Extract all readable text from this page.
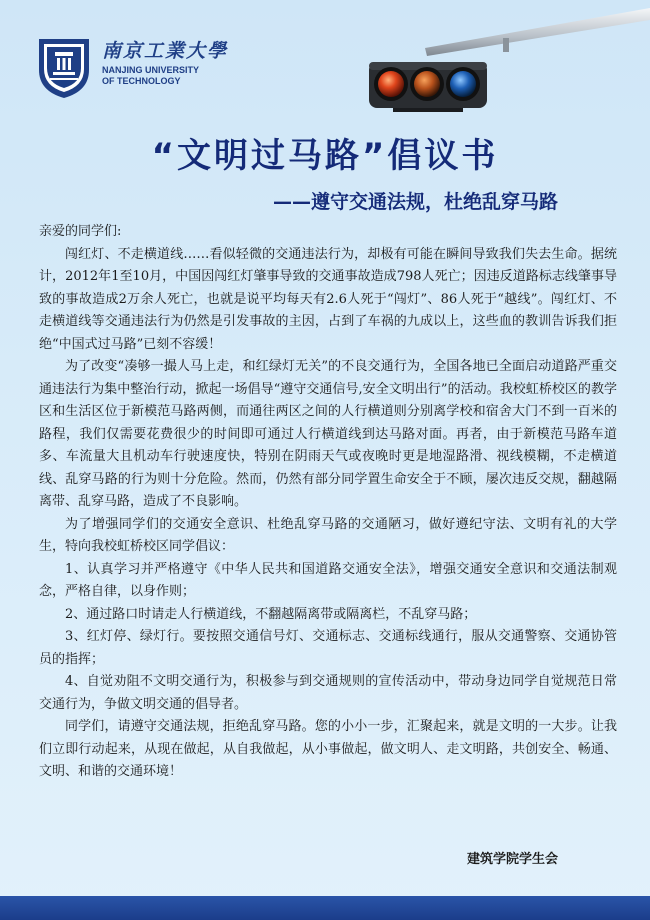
南京工業大學
NANJING UNIVERSITY
OF TECHNOLOGY
“文明过马路”倡议书
——遵守交通法规，杜绝乱穿马路

亲爱的同学们:

闯红灯、不走横道线……看似轻微的交通违法行为，却极有可能在瞬间导致我们失去生命。据统计，2012年1至10月，中国因闯红灯肇事导致的交通事故造成798人死亡；因违反道路标志线肇事导致的事故造成2万余人死亡，也就是说平均每天有2.6人死于“闯灯”、86人死于“越线”。闯红灯、不走横道线等交通违法行为仍然是引发事故的主因，占到了车祸的九成以上，这些血的教训告诉我们拒绝“中国式过马路”已刻不容缓！

为了改变“凑够一撮人马上走，和红绿灯无关”的不良交通行为，全国各地已全面启动道路严重交通违法行为集中整治行动，掀起一场倡导“遵守交通信号,安全文明出行”的活动。我校虹桥校区的教学区和生活区位于新模范马路两侧，而通往两区之间的人行横道则分别离学校和宿舍大门不到一百米的路程，我们仅需要花费很少的时间即可通过人行横道线到达马路对面。再者，由于新模范马路车道多、车流量大且机动车行驶速度快，特别在阴雨天气或夜晚时更是地湿路滑、视线模糊，不走横道线、乱穿马路的行为则十分危险。然而，仍然有部分同学置生命安全于不顾，屡次违反交规，翻越隔离带、乱穿马路，造成了不良影响。

为了增强同学们的交通安全意识、杜绝乱穿马路的交通陋习，做好遵纪守法、文明有礼的大学生，特向我校虹桥校区同学倡议：

1、认真学习并严格遵守《中华人民共和国道路交通安全法》，增强交通安全意识和交通法制观念，严格自律，以身作则；

2、通过路口时请走人行横道线，不翻越隔离带或隔离栏，不乱穿马路；

3、红灯停、绿灯行。要按照交通信号灯、交通标志、交通标线通行，服从交通警察、交通协管员的指挥；

4、自觉劝阻不文明交通行为，积极参与到交通规则的宣传活动中，带动身边同学自觉规范日常交通行为，争做文明交通的倡导者。

同学们，请遵守交通法规，拒绝乱穿马路。您的小小一步，汇聚起来，就是文明的一大步。让我们立即行动起来，从现在做起，从自我做起，从小事做起，做文明人、走文明路，共创安全、畅通、文明、和谐的交通环境！

建筑学院学生会
